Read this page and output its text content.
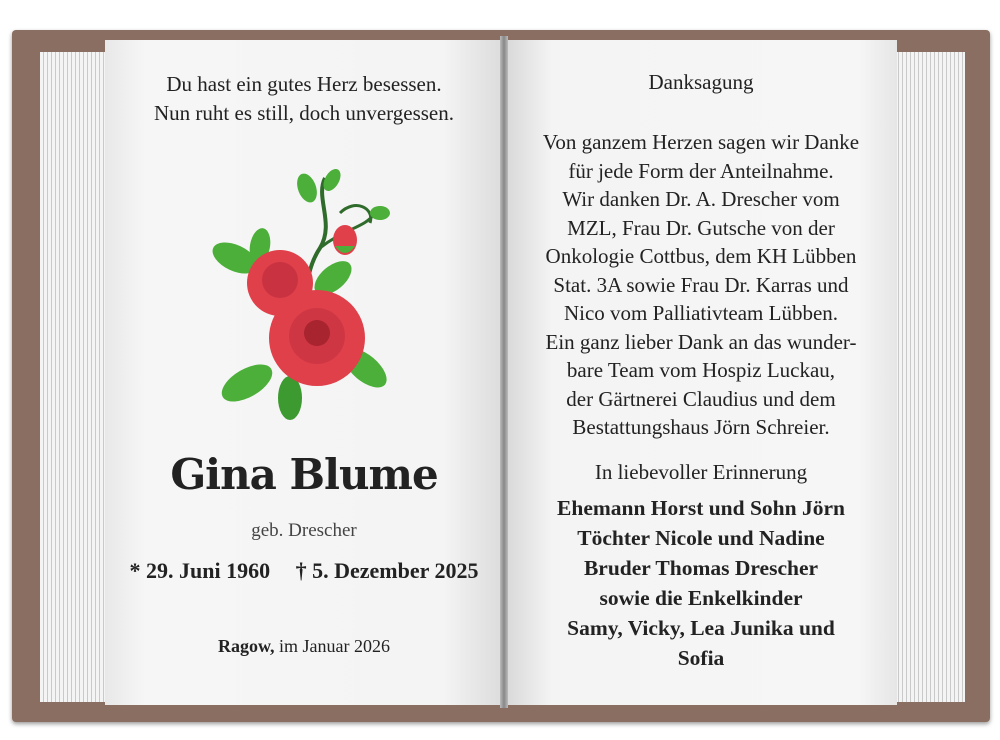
Du hast ein gutes Herz besessen.
Nun ruht es still, doch unvergessen.
Gina Blume
geb. Drescher
* 29. Juni 1960 † 5. Dezember 2025
Ragow, im Januar 2026
Danksagung
Von ganzem Herzen sagen wir Danke
für jede Form der Anteilnahme.
Wir danken Dr. A. Drescher vom
MZL, Frau Dr. Gutsche von der
Onkologie Cottbus, dem KH Lübben
Stat. 3A sowie Frau Dr. Karras und
Nico vom Palliativteam Lübben.
Ein ganz lieber Dank an das wunder-
bare Team vom Hospiz Luckau,
der Gärtnerei Claudius und dem
Bestattungshaus Jörn Schreier.
In liebevoller Erinnerung
Ehemann Horst und Sohn Jörn
Töchter Nicole und Nadine
Bruder Thomas Drescher
sowie die Enkelkinder
Samy, Vicky, Lea Junika und
Sofia
